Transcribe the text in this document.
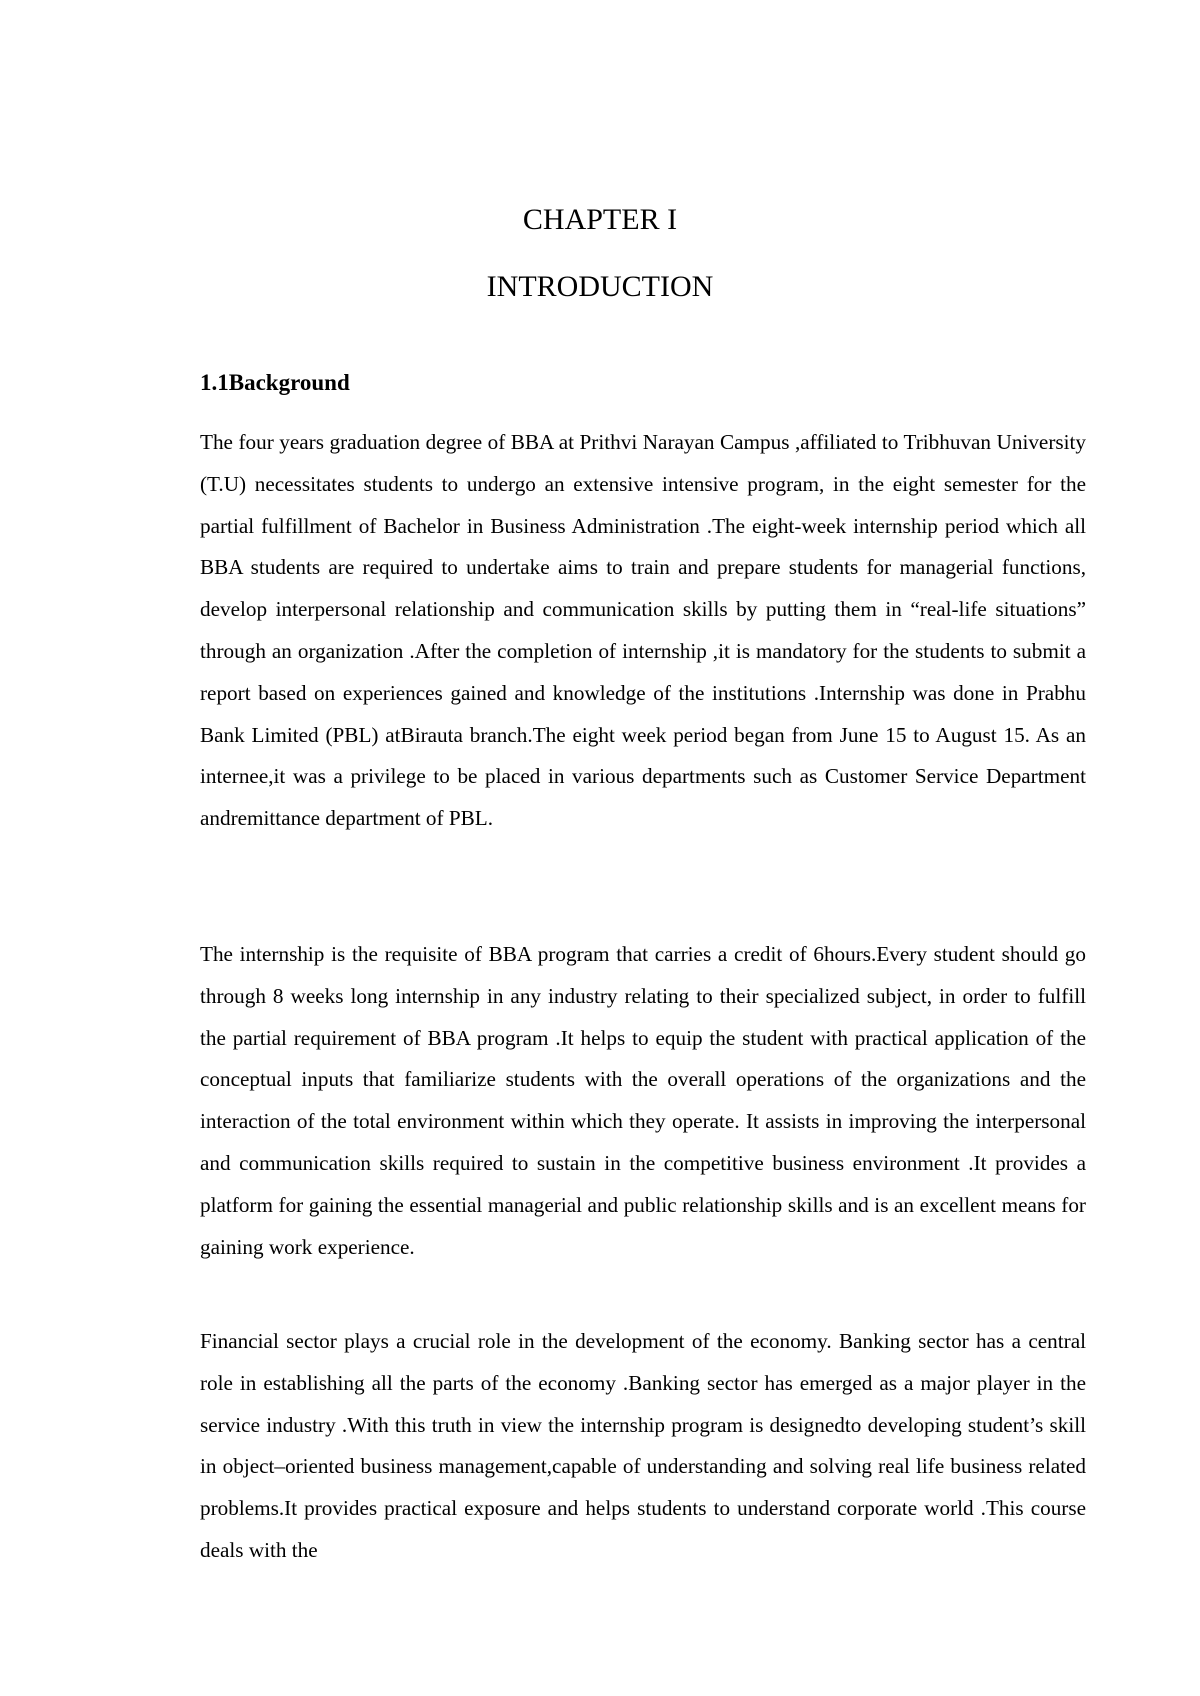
CHAPTER I
INTRODUCTION
1.1Background

The four years graduation degree of BBA at Prithvi Narayan Campus ,affiliated to Tribhuvan University (T.U) necessitates students to undergo an extensive intensive program, in the eight semester for the partial fulfillment of Bachelor in Business Administration .The eight-week internship period which all BBA students are required to undertake aims to train and prepare students for managerial functions, develop interpersonal relationship and communication skills by putting them in “real-life situations” through an organization .After the completion of internship ,it is mandatory for the students to submit a report based on experiences gained and knowledge of the institutions .Internship was done in Prabhu Bank Limited (PBL) atBirauta branch.The eight week period began from June 15 to August 15. As an internee,it was a privilege to be placed in various departments such as Customer Service Department andremittance department of PBL.

The internship is the requisite of BBA program that carries a credit of 6hours.Every student should go through 8 weeks long internship in any industry relating to their specialized subject, in order to fulfill the partial requirement of BBA program .It helps to equip the student with practical application of the conceptual inputs that familiarize students with the overall operations of the organizations and the interaction of the total environment within which they operate. It assists in improving the interpersonal and communication skills required to sustain in the competitive business environment .It provides a platform for gaining the essential managerial and public relationship skills and is an excellent means for gaining work experience.

Financial sector plays a crucial role in the development of the economy. Banking sector has a central role in establishing all the parts of the economy .Banking sector has emerged as a major player in the service industry .With this truth in view the internship program is designedto developing student’s skill in object–oriented business management,capable of understanding and solving real life business related problems.It provides practical exposure and helps students to understand corporate world .This course deals with the
